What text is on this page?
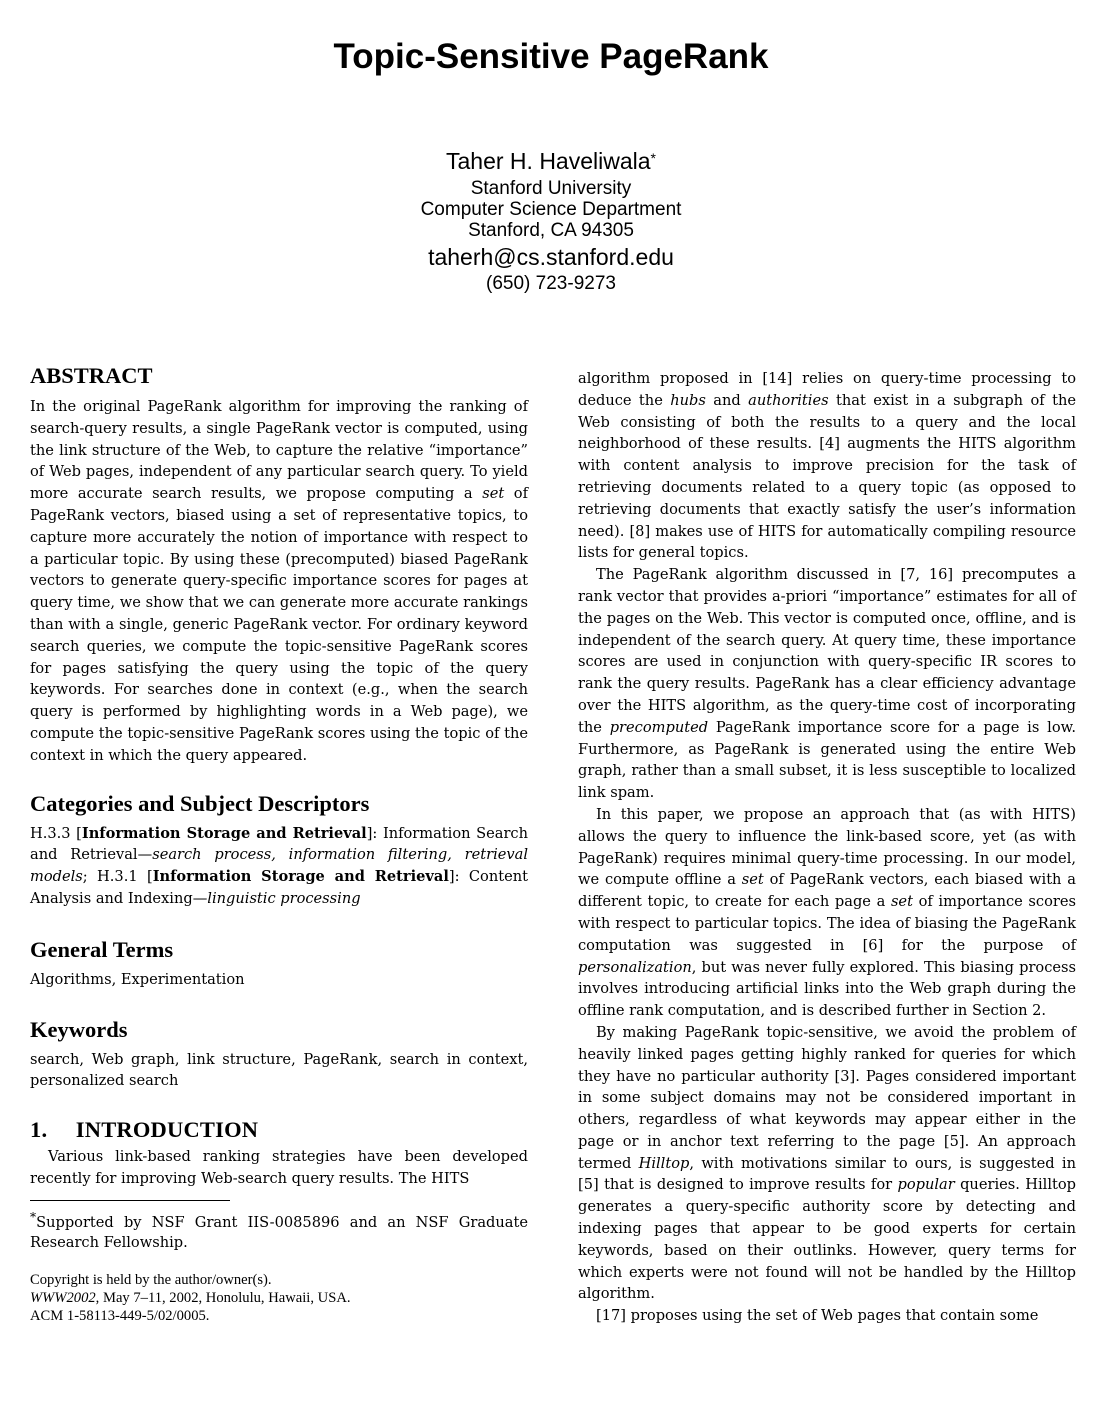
Topic-Sensitive PageRank
Taher H. Haveliwala*
Stanford University
Computer Science Department
Stanford, CA 94305
taherh@cs.stanford.edu
(650) 723-9273
ABSTRACT

In the original PageRank algorithm for improving the ranking of search-query results, a single PageRank vector is computed, using the link structure of the Web, to capture the relative “importance” of Web pages, independent of any particular search query. To yield more accurate search results, we propose computing a set of PageRank vectors, biased using a set of representative topics, to capture more accurately the notion of importance with respect to a particular topic. By using these (precomputed) biased PageRank vectors to generate query-specific importance scores for pages at query time, we show that we can generate more accurate rankings than with a single, generic PageRank vector. For ordinary keyword search queries, we compute the topic-sensitive PageRank scores for pages satisfying the query using the topic of the query keywords. For searches done in context (e.g., when the search query is performed by highlighting words in a Web page), we compute the topic-sensitive PageRank scores using the topic of the context in which the query appeared.

Categories and Subject Descriptors

H.3.3 [Information Storage and Retrieval]: Information Search and Retrieval—search process, information filtering, retrieval models; H.3.1 [Information Storage and Retrieval]: Content Analysis and Indexing—linguistic processing

General Terms

Algorithms, Experimentation

Keywords

search, Web graph, link structure, PageRank, search in context, personalized search

1.  INTRODUCTION

Various link-based ranking strategies have been developed recently for improving Web-search query results. The HITS

*Supported by NSF Grant IIS-0085896 and an NSF Graduate Research Fellowship.

Copyright is held by the author/owner(s).

WWW2002, May 7–11, 2002, Honolulu, Hawaii, USA.

ACM 1-58113-449-5/02/0005.

algorithm proposed in [14] relies on query-time processing to deduce the hubs and authorities that exist in a subgraph of the Web consisting of both the results to a query and the local neighborhood of these results. [4] augments the HITS algorithm with content analysis to improve precision for the task of retrieving documents related to a query topic (as opposed to retrieving documents that exactly satisfy the user’s information need). [8] makes use of HITS for automatically compiling resource lists for general topics.

The PageRank algorithm discussed in [7, 16] precomputes a rank vector that provides a-priori “importance” estimates for all of the pages on the Web. This vector is computed once, offline, and is independent of the search query. At query time, these importance scores are used in conjunction with query-specific IR scores to rank the query results. PageRank has a clear efficiency advantage over the HITS algorithm, as the query-time cost of incorporating the precomputed PageRank importance score for a page is low. Furthermore, as PageRank is generated using the entire Web graph, rather than a small subset, it is less susceptible to localized link spam.

In this paper, we propose an approach that (as with HITS) allows the query to influence the link-based score, yet (as with PageRank) requires minimal query-time processing. In our model, we compute offline a set of PageRank vectors, each biased with a different topic, to create for each page a set of importance scores with respect to particular topics. The idea of biasing the PageRank computation was suggested in [6] for the purpose of personalization, but was never fully explored. This biasing process involves introducing artificial links into the Web graph during the offline rank computation, and is described further in Section 2.

By making PageRank topic-sensitive, we avoid the problem of heavily linked pages getting highly ranked for queries for which they have no particular authority [3]. Pages considered important in some subject domains may not be considered important in others, regardless of what keywords may appear either in the page or in anchor text referring to the page [5]. An approach termed Hilltop, with motivations similar to ours, is suggested in [5] that is designed to improve results for popular queries. Hilltop generates a query-specific authority score by detecting and indexing pages that appear to be good experts for certain keywords, based on their outlinks. However, query terms for which experts were not found will not be handled by the Hilltop algorithm.

[17] proposes using the set of Web pages that contain some
